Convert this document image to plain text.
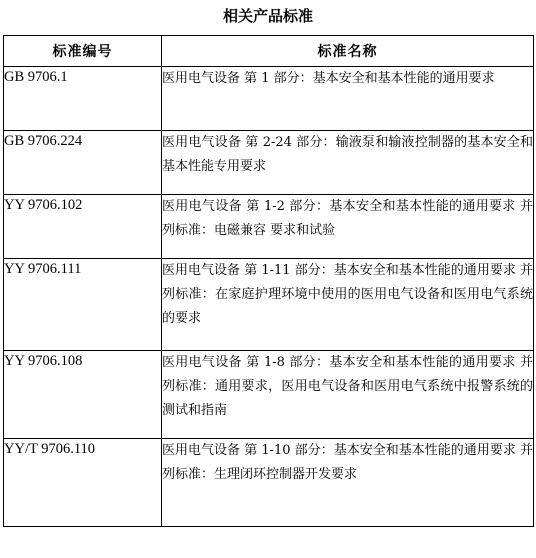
相关产品标准
标准编号	标准名称
GB 9706.1	医用电气设备 第 1 部分：基本安全和基本性能的通用要求
GB 9706.224	医用电气设备 第 2-24 部分：输液泵和输液控制器的基本安全和基本性能专用要求
YY 9706.102	医用电气设备 第 1-2 部分：基本安全和基本性能的通用要求 并列标准：电磁兼容 要求和试验
YY 9706.111	医用电气设备 第 1-11 部分：基本安全和基本性能的通用要求 并列标准：在家庭护理环境中使用的医用电气设备和医用电气系统的要求
YY 9706.108	医用电气设备 第 1-8 部分：基本安全和基本性能的通用要求 并列标准：通用要求，医用电气设备和医用电气系统中报警系统的测试和指南
YY/T 9706.110	医用电气设备 第 1-10 部分：基本安全和基本性能的通用要求 并列标准：生理闭环控制器开发要求
